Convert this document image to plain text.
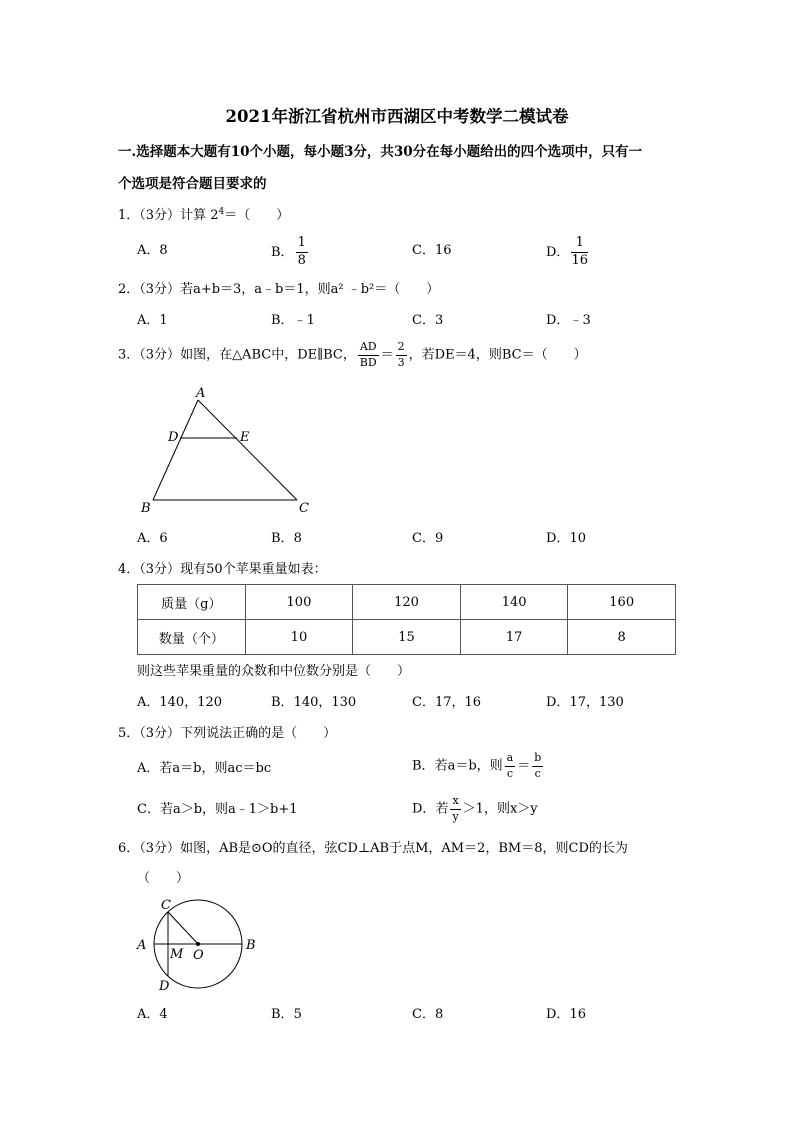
2021年浙江省杭州市西湖区中考数学二模试卷
一.选择题本大题有10个小题，每小题3分，共30分在每小题给出的四个选项中，只有一
个选项是符合题目要求的
1．（3分）计算 $2^4=$（　　）
A．8	B． $\frac{1}{8}$	C．16	D． $\frac{1}{16}$
2．（3分）若a+b＝3，a﹣b＝1，则a² ﹣b²＝（　　）
A．1	B．﹣1	C．3	D．﹣3
3．（3分）如图，在△ABC中，DE∥BC， $\frac{AD}{BD} = \frac{2}{3}$ ，若DE＝4，则BC＝（　　）
A
D	E
B	C
A．6	B．8	C．9	D．10
4．（3分）现有50个苹果重量如表：
质量（g）	100	120	140	160
数量（个）	10	15	17	8
则这些苹果重量的众数和中位数分别是（　　）
A．140，120	B．140，130	C．17，16	D．17，130
5．（3分）下列说法正确的是（　　）
A．若a＝b，则ac＝bc	B．若a＝b，则 $\frac{a}{c} = \frac{b}{c}$
C．若a＞b，则a﹣1＞b+1	D．若 $\frac{x}{y} >1$，则x＞y
6．（3分）如图，AB是⊙O的直径，弦CD⊥AB于点M，AM＝2，BM＝8，则CD的长为
（　　）
C
A	B
M O
D
A．4	B．5	C．8	D．16
